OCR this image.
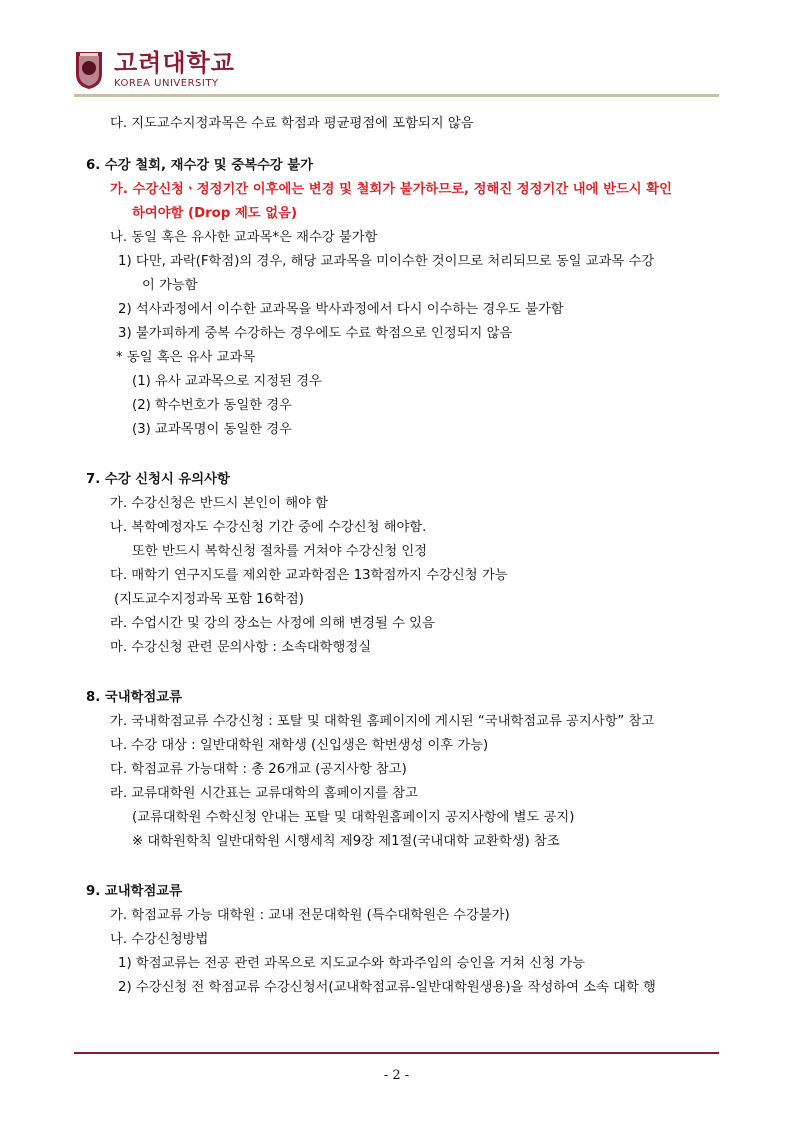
고려대학교
KOREA UNIVERSITY
다. 지도교수지정과목은 수료 학점과 평균평점에 포함되지 않음
6. 수강 철회, 재수강 및 중복수강 불가
가. 수강신청ㆍ정정기간 이후에는 변경 및 철회가 불가하므로, 정해진 정정기간 내에 반드시 확인
하여야함 (Drop 제도 없음)
나. 동일 혹은 유사한 교과목*은 재수강 불가함
1) 다만, 과락(F학점)의 경우, 해당 교과목을 미이수한 것이므로 처리되므로 동일 교과목 수강
이 가능함
2) 석사과정에서 이수한 교과목을 박사과정에서 다시 이수하는 경우도 불가함
3) 불가피하게 중복 수강하는 경우에도 수료 학점으로 인정되지 않음
* 동일 혹은 유사 교과목
(1) 유사 교과목으로 지정된 경우
(2) 학수번호가 동일한 경우
(3) 교과목명이 동일한 경우
7. 수강 신청시 유의사항
가. 수강신청은 반드시 본인이 해야 함
나. 복학예정자도 수강신청 기간 중에 수강신청 해야함.
또한 반드시 복학신청 절차를 거쳐야 수강신청 인정
다. 매학기 연구지도를 제외한 교과학점은 13학점까지 수강신청 가능
(지도교수지정과목 포함 16학점)
라. 수업시간 및 강의 장소는 사정에 의해 변경될 수 있음
마. 수강신청 관련 문의사항 : 소속대학행정실
8. 국내학점교류
가. 국내학점교류 수강신청 : 포탈 및 대학원 홈페이지에 게시된 “국내학점교류 공지사항” 참고
나. 수강 대상 : 일반대학원 재학생 (신입생은 학번생성 이후 가능)
다. 학점교류 가능대학 : 총 26개교 (공지사항 참고)
라. 교류대학원 시간표는 교류대학의 홈페이지를 참고
(교류대학원 수학신청 안내는 포탈 및 대학원홈페이지 공지사항에 별도 공지)
※ 대학원학칙 일반대학원 시행세칙 제9장 제1절(국내대학 교환학생) 참조
9. 교내학점교류
가. 학점교류 가능 대학원 : 교내 전문대학원 (특수대학원은 수강불가)
나. 수강신청방법
1) 학점교류는 전공 관련 과목으로 지도교수와 학과주임의 승인을 거쳐 신청 가능
2) 수강신청 전 학점교류 수강신청서(교내학점교류-일반대학원생용)을 작성하여 소속 대학 행
- 2 -
